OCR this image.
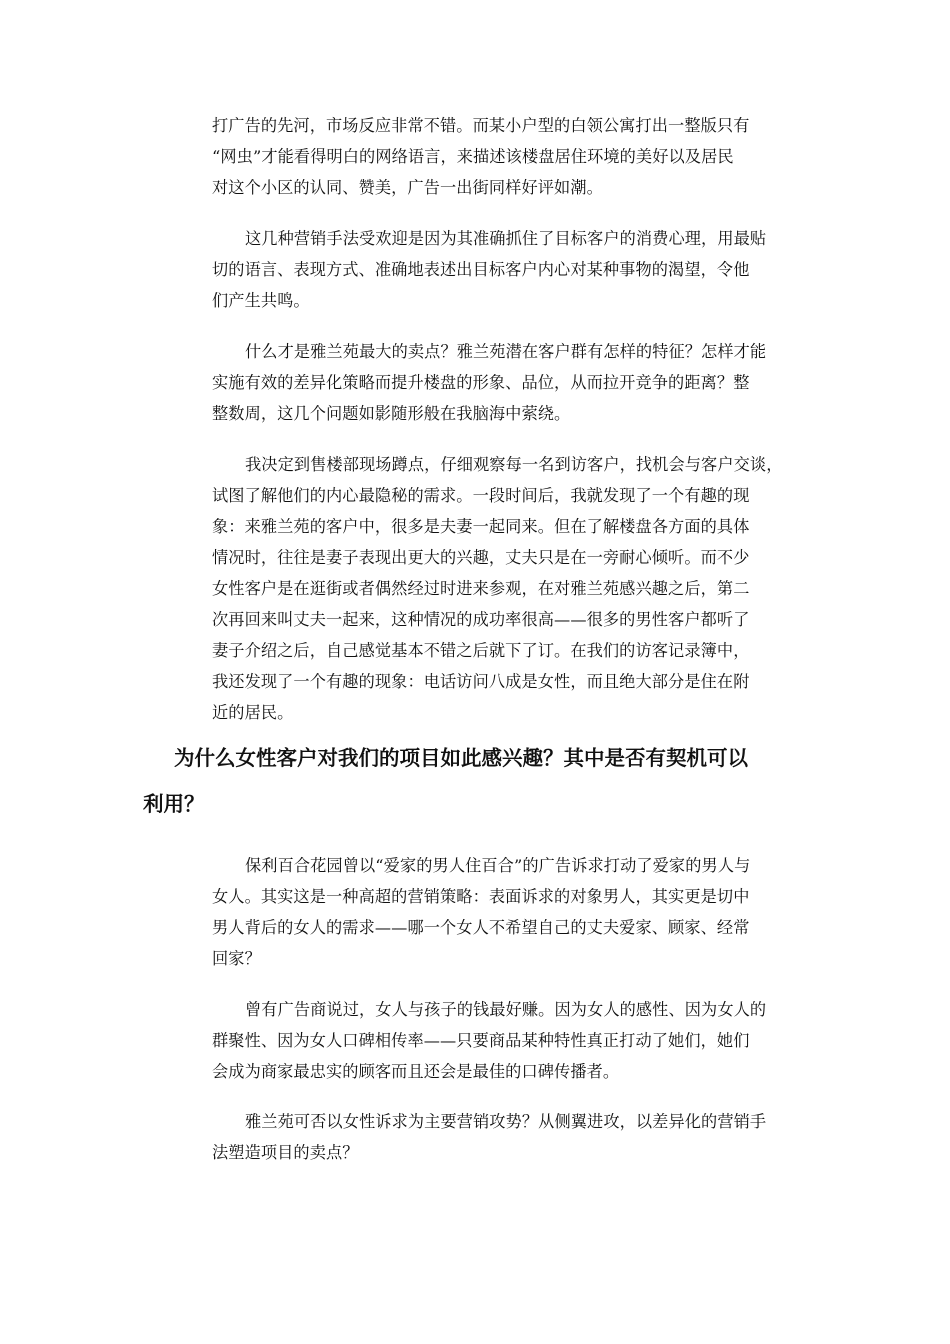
打广告的先河，市场反应非常不错。而某小户型的白领公寓打出一整版只有
“网虫”才能看得明白的网络语言，来描述该楼盘居住环境的美好以及居民
对这个小区的认同、赞美，广告一出街同样好评如潮。
这几种营销手法受欢迎是因为其准确抓住了目标客户的消费心理，用最贴
切的语言、表现方式、准确地表述出目标客户内心对某种事物的渴望，令他
们产生共鸣。
什么才是雅兰苑最大的卖点？雅兰苑潜在客户群有怎样的特征？怎样才能
实施有效的差异化策略而提升楼盘的形象、品位，从而拉开竞争的距离？整
整数周，这几个问题如影随形般在我脑海中萦绕。
我决定到售楼部现场蹲点，仔细观察每一名到访客户，找机会与客户交谈，
试图了解他们的内心最隐秘的需求。一段时间后，我就发现了一个有趣的现
象：来雅兰苑的客户中，很多是夫妻一起同来。但在了解楼盘各方面的具体
情况时，往往是妻子表现出更大的兴趣，丈夫只是在一旁耐心倾听。而不少
女性客户是在逛街或者偶然经过时进来参观，在对雅兰苑感兴趣之后，第二
次再回来叫丈夫一起来，这种情况的成功率很高——很多的男性客户都听了
妻子介绍之后，自己感觉基本不错之后就下了订。在我们的访客记录簿中，
我还发现了一个有趣的现象：电话访问八成是女性，而且绝大部分是住在附
近的居民。
为什么女性客户对我们的项目如此感兴趣？其中是否有契机可以
利用？
保利百合花园曾以“爱家的男人住百合”的广告诉求打动了爱家的男人与
女人。其实这是一种高超的营销策略：表面诉求的对象男人，其实更是切中
男人背后的女人的需求——哪一个女人不希望自己的丈夫爱家、顾家、经常
回家？
曾有广告商说过，女人与孩子的钱最好赚。因为女人的感性、因为女人的
群聚性、因为女人口碑相传率——只要商品某种特性真正打动了她们，她们
会成为商家最忠实的顾客而且还会是最佳的口碑传播者。
雅兰苑可否以女性诉求为主要营销攻势？从侧翼进攻，以差异化的营销手
法塑造项目的卖点？
